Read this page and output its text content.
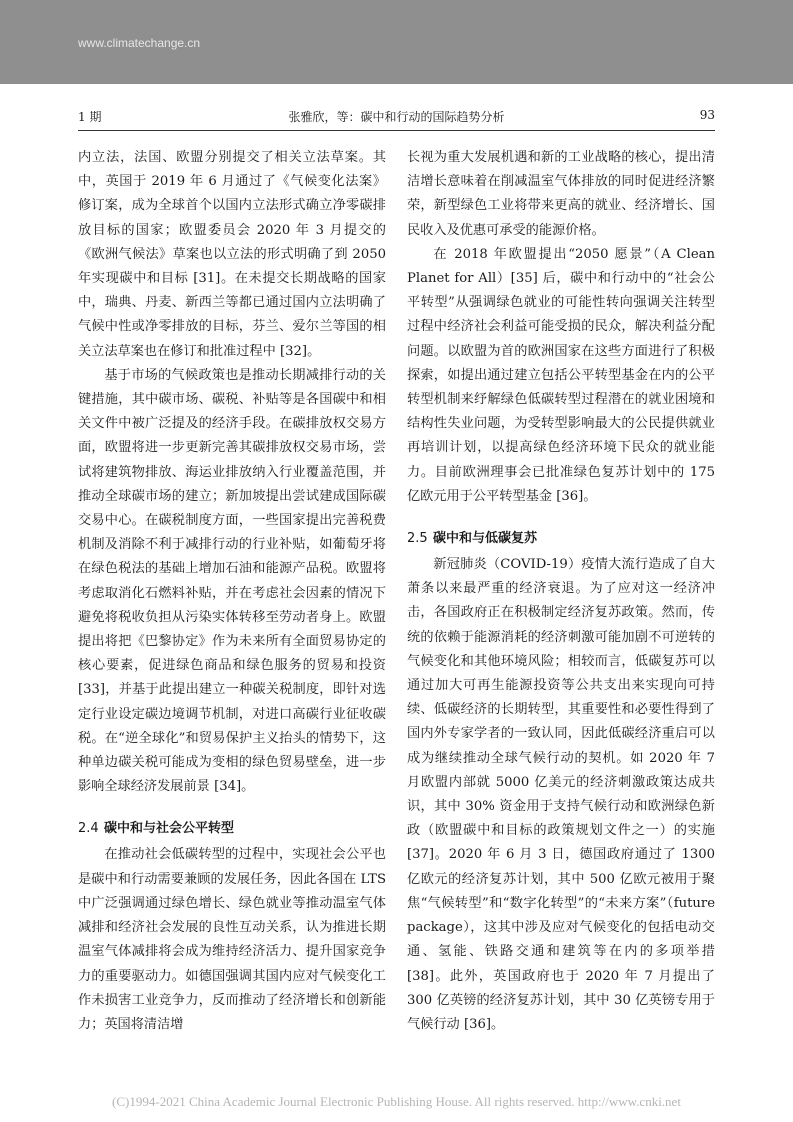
www.climatechange.cn
1 期	张雅欣，等：碳中和行动的国际趋势分析	93

内立法，法国、欧盟分别提交了相关立法草案。其中，英国于 2019 年 6 月通过了《气候变化法案》修订案，成为全球首个以国内立法形式确立净零碳排放目标的国家；欧盟委员会 2020 年 3 月提交的《欧洲气候法》草案也以立法的形式明确了到 2050 年实现碳中和目标 [31]。在未提交长期战略的国家中，瑞典、丹麦、新西兰等都已通过国内立法明确了气候中性或净零排放的目标，芬兰、爱尔兰等国的相关立法草案也在修订和批准过程中 [32]。

基于市场的气候政策也是推动长期减排行动的关键措施，其中碳市场、碳税、补贴等是各国碳中和相关文件中被广泛提及的经济手段。在碳排放权交易方面，欧盟将进一步更新完善其碳排放权交易市场，尝试将建筑物排放、海运业排放纳入行业覆盖范围，并推动全球碳市场的建立；新加坡提出尝试建成国际碳交易中心。在碳税制度方面，一些国家提出完善税费机制及消除不利于减排行动的行业补贴，如葡萄牙将在绿色税法的基础上增加石油和能源产品税。欧盟将考虑取消化石燃料补贴，并在考虑社会因素的情况下避免将税收负担从污染实体转移至劳动者身上。欧盟提出将把《巴黎协定》作为未来所有全面贸易协定的核心要素，促进绿色商品和绿色服务的贸易和投资 [33]，并基于此提出建立一种碳关税制度，即针对选定行业设定碳边境调节机制，对进口高碳行业征收碳税。在“逆全球化”和贸易保护主义抬头的情势下，这种单边碳关税可能成为变相的绿色贸易壁垒，进一步影响全球经济发展前景 [34]。

2.4 碳中和与社会公平转型

在推动社会低碳转型的过程中，实现社会公平也是碳中和行动需要兼顾的发展任务，因此各国在 LTS 中广泛强调通过绿色增长、绿色就业等推动温室气体减排和经济社会发展的良性互动关系，认为推进长期温室气体减排将会成为维持经济活力、提升国家竞争力的重要驱动力。如德国强调其国内应对气候变化工作未损害工业竞争力，反而推动了经济增长和创新能力；英国将清洁增

长视为重大发展机遇和新的工业战略的核心，提出清洁增长意味着在削减温室气体排放的同时促进经济繁荣，新型绿色工业将带来更高的就业、经济增长、国民收入及优惠可承受的能源价格。

在 2018 年欧盟提出“2050 愿景”（A Clean Planet for All）[35] 后，碳中和行动中的“社会公平转型”从强调绿色就业的可能性转向强调关注转型过程中经济社会利益可能受损的民众，解决利益分配问题。以欧盟为首的欧洲国家在这些方面进行了积极探索，如提出通过建立包括公平转型基金在内的公平转型机制来纾解绿色低碳转型过程潜在的就业困境和结构性失业问题，为受转型影响最大的公民提供就业再培训计划，以提高绿色经济环境下民众的就业能力。目前欧洲理事会已批准绿色复苏计划中的 175 亿欧元用于公平转型基金 [36]。

2.5 碳中和与低碳复苏

新冠肺炎（COVID-19）疫情大流行造成了自大萧条以来最严重的经济衰退。为了应对这一经济冲击，各国政府正在积极制定经济复苏政策。然而，传统的依赖于能源消耗的经济刺激可能加剧不可逆转的气候变化和其他环境风险；相较而言，低碳复苏可以通过加大可再生能源投资等公共支出来实现向可持续、低碳经济的长期转型，其重要性和必要性得到了国内外专家学者的一致认同，因此低碳经济重启可以成为继续推动全球气候行动的契机。如 2020 年 7 月欧盟内部就 5000 亿美元的经济刺激政策达成共识，其中 30% 资金用于支持气候行动和欧洲绿色新政（欧盟碳中和目标的政策规划文件之一）的实施 [37]。2020 年 6 月 3 日，德国政府通过了 1300 亿欧元的经济复苏计划，其中 500 亿欧元被用于聚焦“气候转型”和“数字化转型”的“未来方案”（future package），这其中涉及应对气候变化的包括电动交通、氢能、铁路交通和建筑等在内的多项举措 [38]。此外，英国政府也于 2020 年 7 月提出了 300 亿英镑的经济复苏计划，其中 30 亿英镑专用于气候行动 [36]。

(C)1994-2021 China Academic Journal Electronic Publishing House. All rights reserved. http://www.cnki.net
